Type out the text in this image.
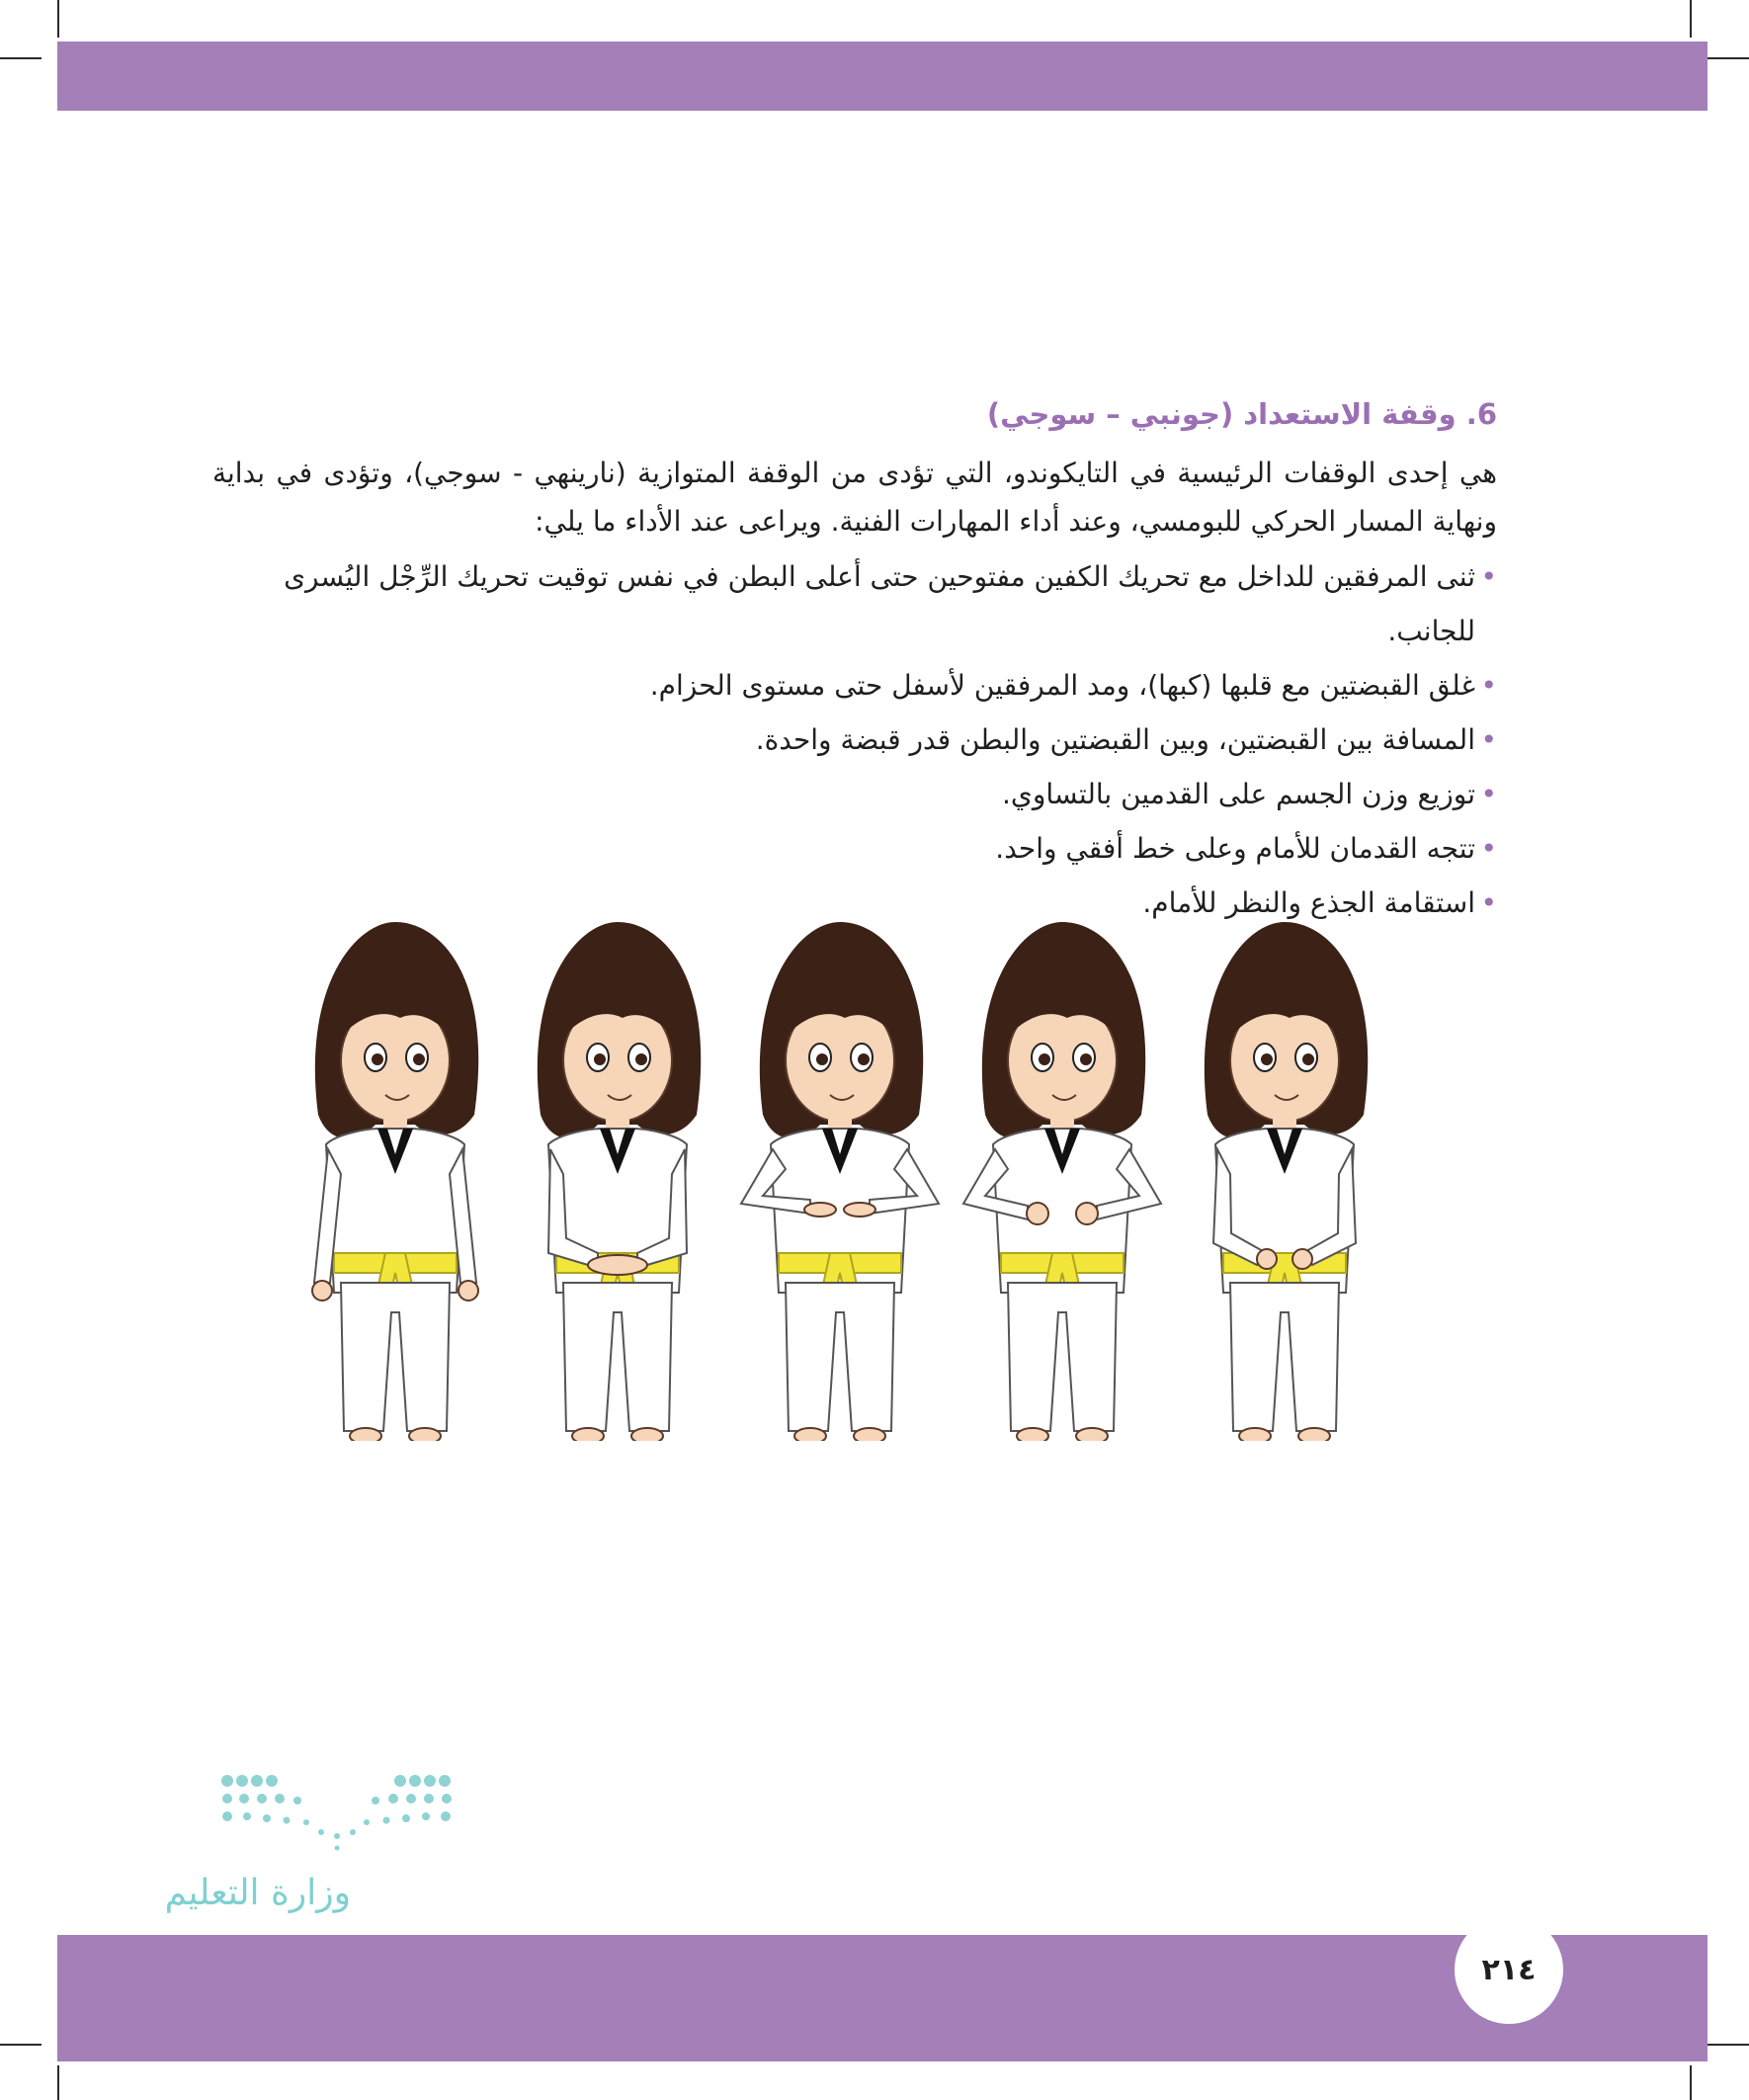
6. وقفة الاستعداد (جونبي – سوجي)

هي إحدى الوقفات الرئيسية في التايكوندو، التي تؤدى من الوقفة المتوازية (نارينهي - سوجي)، وتؤدى في بداية ونهاية المسار الحركي للبومسي، وعند أداء المهارات الفنية. ويراعى عند الأداء ما يلي:

•
ثنى المرفقين للداخل مع تحريك الكفين مفتوحين حتى أعلى البطن في نفس توقيت تحريك الرِّجْل اليُسرى للجانب.
•
غلق القبضتين مع قلبها (كبها)، ومد المرفقين لأسفل حتى مستوى الحزام.
•
المسافة بين القبضتين، وبين القبضتين والبطن قدر قبضة واحدة.
•
توزيع وزن الجسم على القدمين بالتساوي.
•
تتجه القدمان للأمام وعلى خط أفقي واحد.
•
استقامة الجذع والنظر للأمام.
وزارة التعليم
٢١٤
